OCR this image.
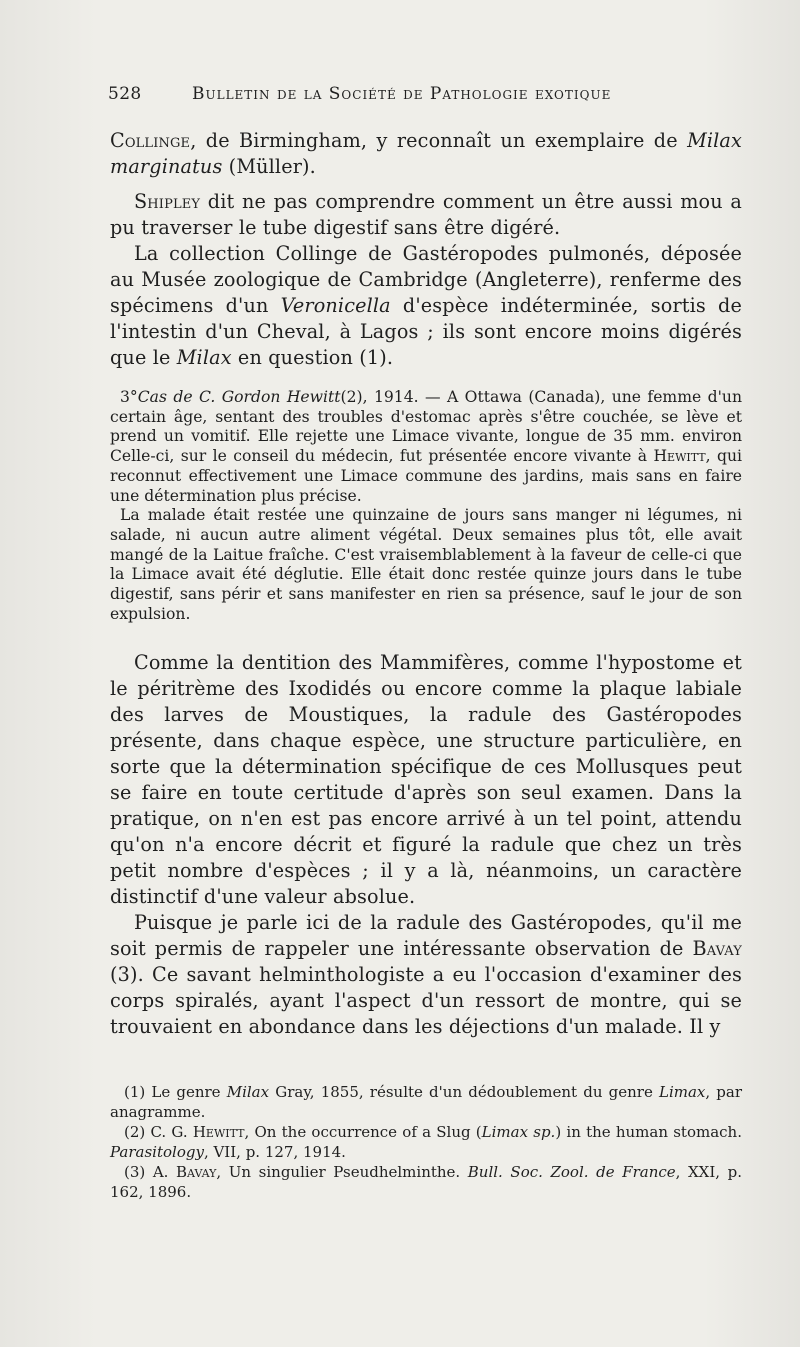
528	Bulletin de la Société de Pathologie exotique

Collinge, de Birmingham, y reconnaît un exemplaire de Milax marginatus (Müller).

Shipley dit ne pas comprendre comment un être aussi mou a pu traverser le tube digestif sans être digéré.

La collection Collinge de Gastéropodes pulmonés, déposée au Musée zoologique de Cambridge (Angleterre), renferme des spécimens d'un Veronicella d'espèce indéterminée, sortis de l'intestin d'un Cheval, à Lagos ; ils sont encore moins digérés que le Milax en question (1).

3°Cas de C. Gordon Hewitt(2), 1914. — A Ottawa (Canada), une femme d'un certain âge, sentant des troubles d'estomac après s'être couchée, se lève et prend un vomitif. Elle rejette une Limace vivante, longue de 35 mm. environ Celle-ci, sur le conseil du médecin, fut présentée encore vivante à Hewitt, qui reconnut effectivement une Limace commune des jardins, mais sans en faire une détermination plus précise.

La malade était restée une quinzaine de jours sans manger ni légumes, ni salade, ni aucun autre aliment végétal. Deux semaines plus tôt, elle avait mangé de la Laitue fraîche. C'est vraisemblablement à la faveur de celle-ci que la Limace avait été déglutie. Elle était donc restée quinze jours dans le tube digestif, sans périr et sans manifester en rien sa présence, sauf le jour de son expulsion.

Comme la dentition des Mammifères, comme l'hypostome et le péritrème des Ixodidés ou encore comme la plaque labiale des larves de Moustiques, la radule des Gastéropodes présente, dans chaque espèce, une structure particulière, en sorte que la détermination spécifique de ces Mollusques peut se faire en toute certitude d'après son seul examen. Dans la pratique, on n'en est pas encore arrivé à un tel point, attendu qu'on n'a encore décrit et figuré la radule que chez un très petit nombre d'espèces ; il y a là, néanmoins, un caractère distinctif d'une valeur absolue.

Puisque je parle ici de la radule des Gastéropodes, qu'il me soit permis de rappeler une intéressante observation de Bavay (3). Ce savant helminthologiste a eu l'occasion d'examiner des corps spiralés, ayant l'aspect d'un ressort de montre, qui se trouvaient en abondance dans les déjections d'un malade. Il y

(1) Le genre Milax Gray, 1855, résulte d'un dédoublement du genre Limax, par anagramme.

(2) C. G. Hewitt, On the occurrence of a Slug (Limax sp.) in the human stomach. Parasitology, VII, p. 127, 1914.

(3) A. Bavay, Un singulier Pseudhelminthe. Bull. Soc. Zool. de France, XXI, p. 162, 1896.
